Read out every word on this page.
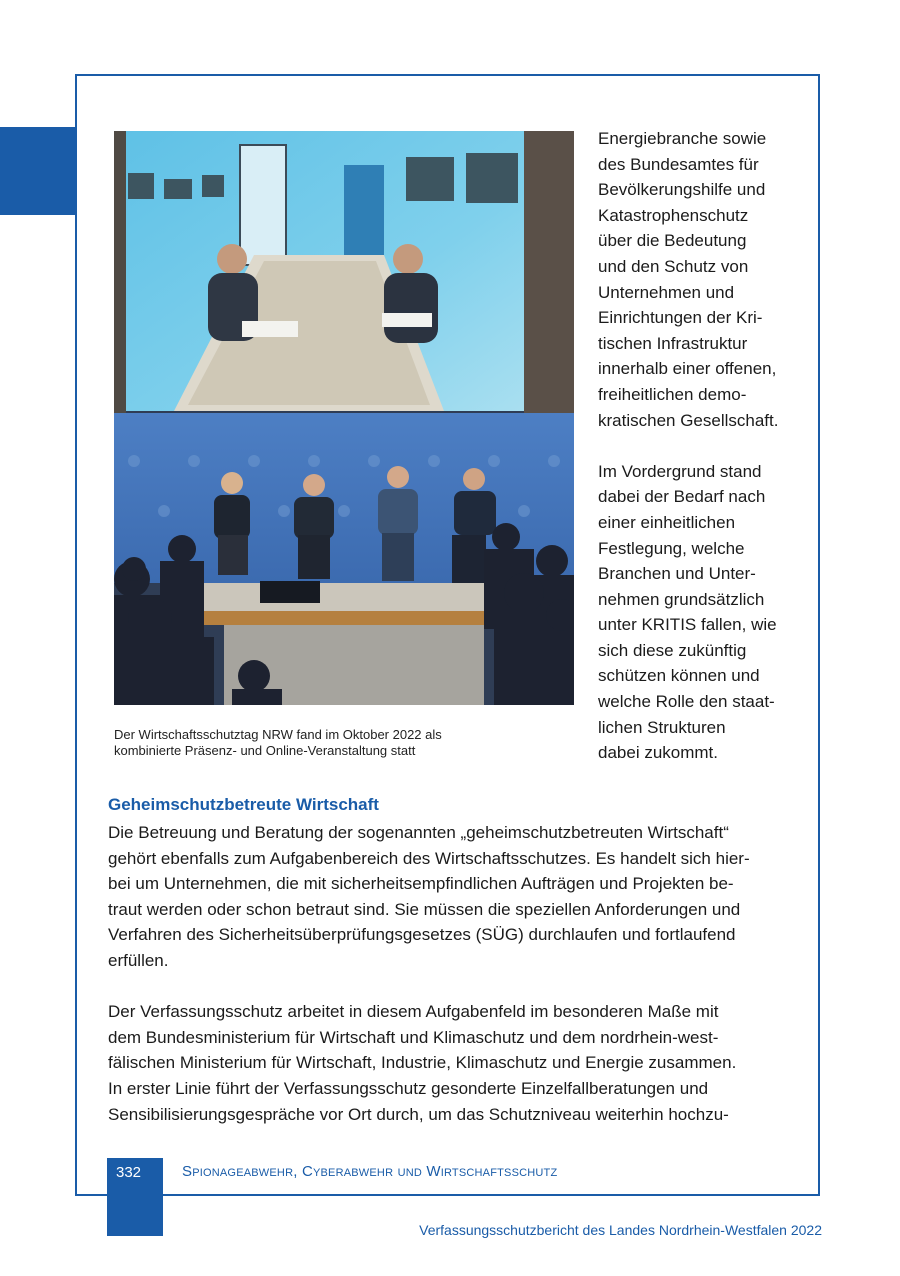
Der Wirtschaftsschutztag NRW fand im Oktober 2022 als
kombinierte Präsenz- und Online-Veranstaltung statt
Energiebranche sowie
des Bundesamtes für
Bevölkerungshilfe und
Katastrophenschutz
über die Bedeutung
und den Schutz von
Unternehmen und
Einrichtungen der Kri-
tischen Infrastruktur
innerhalb einer offenen,
freiheitlichen demo-
kratischen Gesellschaft.
Im Vordergrund stand
dabei der Bedarf nach
einer einheitlichen
Festlegung, welche
Branchen und Unter-
nehmen grundsätzlich
unter KRITIS fallen, wie
sich diese zukünftig
schützen können und
welche Rolle den staat-
lichen Strukturen
dabei zukommt.
Geheimschutzbetreute Wirtschaft
Die Betreuung und Beratung der sogenannten „geheimschutzbetreuten Wirtschaft“
gehört ebenfalls zum Aufgabenbereich des Wirtschaftsschutzes. Es handelt sich hier-
bei um Unternehmen, die mit sicherheitsempfindlichen Aufträgen und Projekten be-
traut werden oder schon betraut sind. Sie müssen die speziellen Anforderungen und
Verfahren des Sicherheitsüberprüfungsgesetzes (SÜG) durchlaufen und fortlaufend
erfüllen.
Der Verfassungsschutz arbeitet in diesem Aufgabenfeld im besonderen Maße mit
dem Bundesministerium für Wirtschaft und Klimaschutz und dem nordrhein-west-
fälischen Ministerium für Wirtschaft, Industrie, Klimaschutz und Energie zusammen.
In erster Linie führt der Verfassungsschutz gesonderte Einzelfallberatungen und
Sensibilisierungsgespräche vor Ort durch, um das Schutzniveau weiterhin hochzu-
332	Spionageabwehr, Cyberabwehr und Wirtschaftsschutz
Verfassungsschutzbericht des Landes Nordrhein-Westfalen 2022
